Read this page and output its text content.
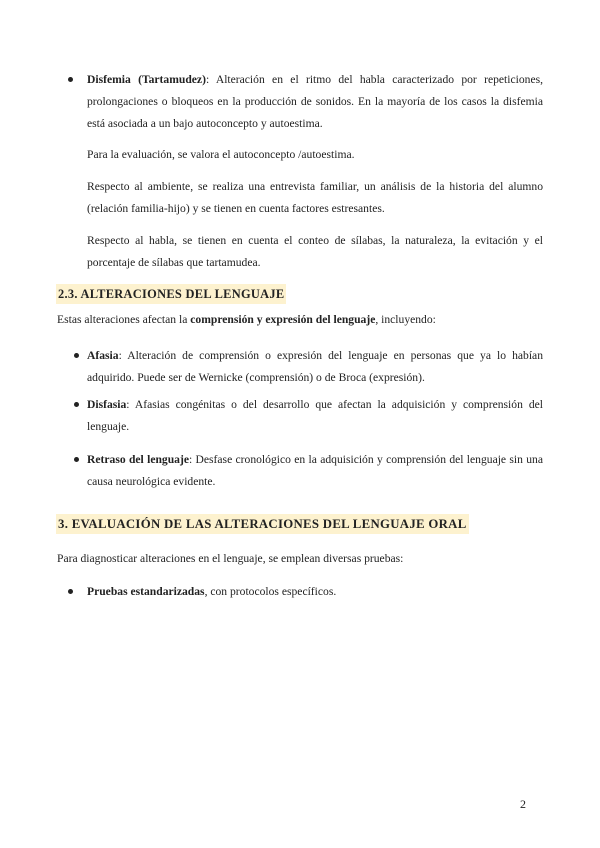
Disfemia (Tartamudez): Alteración en el ritmo del habla caracterizado por repeticiones, prolongaciones o bloqueos en la producción de sonidos. En la mayoría de los casos la disfemia está asociada a un bajo autoconcepto y autoestima.

Para la evaluación, se valora el autoconcepto /autoestima.

Respecto al ambiente, se realiza una entrevista familiar, un análisis de la historia del alumno (relación familia-hijo) y se tienen en cuenta factores estresantes.

Respecto al habla, se tienen en cuenta el conteo de sílabas, la naturaleza, la evitación y el porcentaje de sílabas que tartamudea.

2.3. ALTERACIONES DEL LENGUAJE

Estas alteraciones afectan la comprensión y expresión del lenguaje, incluyendo:

Afasia: Alteración de comprensión o expresión del lenguaje en personas que ya lo habían adquirido. Puede ser de Wernicke (comprensión) o de Broca (expresión).

Disfasia: Afasias congénitas o del desarrollo que afectan la adquisición y comprensión del lenguaje.

Retraso del lenguaje: Desfase cronológico en la adquisición y comprensión del lenguaje sin una causa neurológica evidente.

3. EVALUACIÓN DE LAS ALTERACIONES DEL LENGUAJE ORAL

Para diagnosticar alteraciones en el lenguaje, se emplean diversas pruebas:

Pruebas estandarizadas, con protocolos específicos.

2
